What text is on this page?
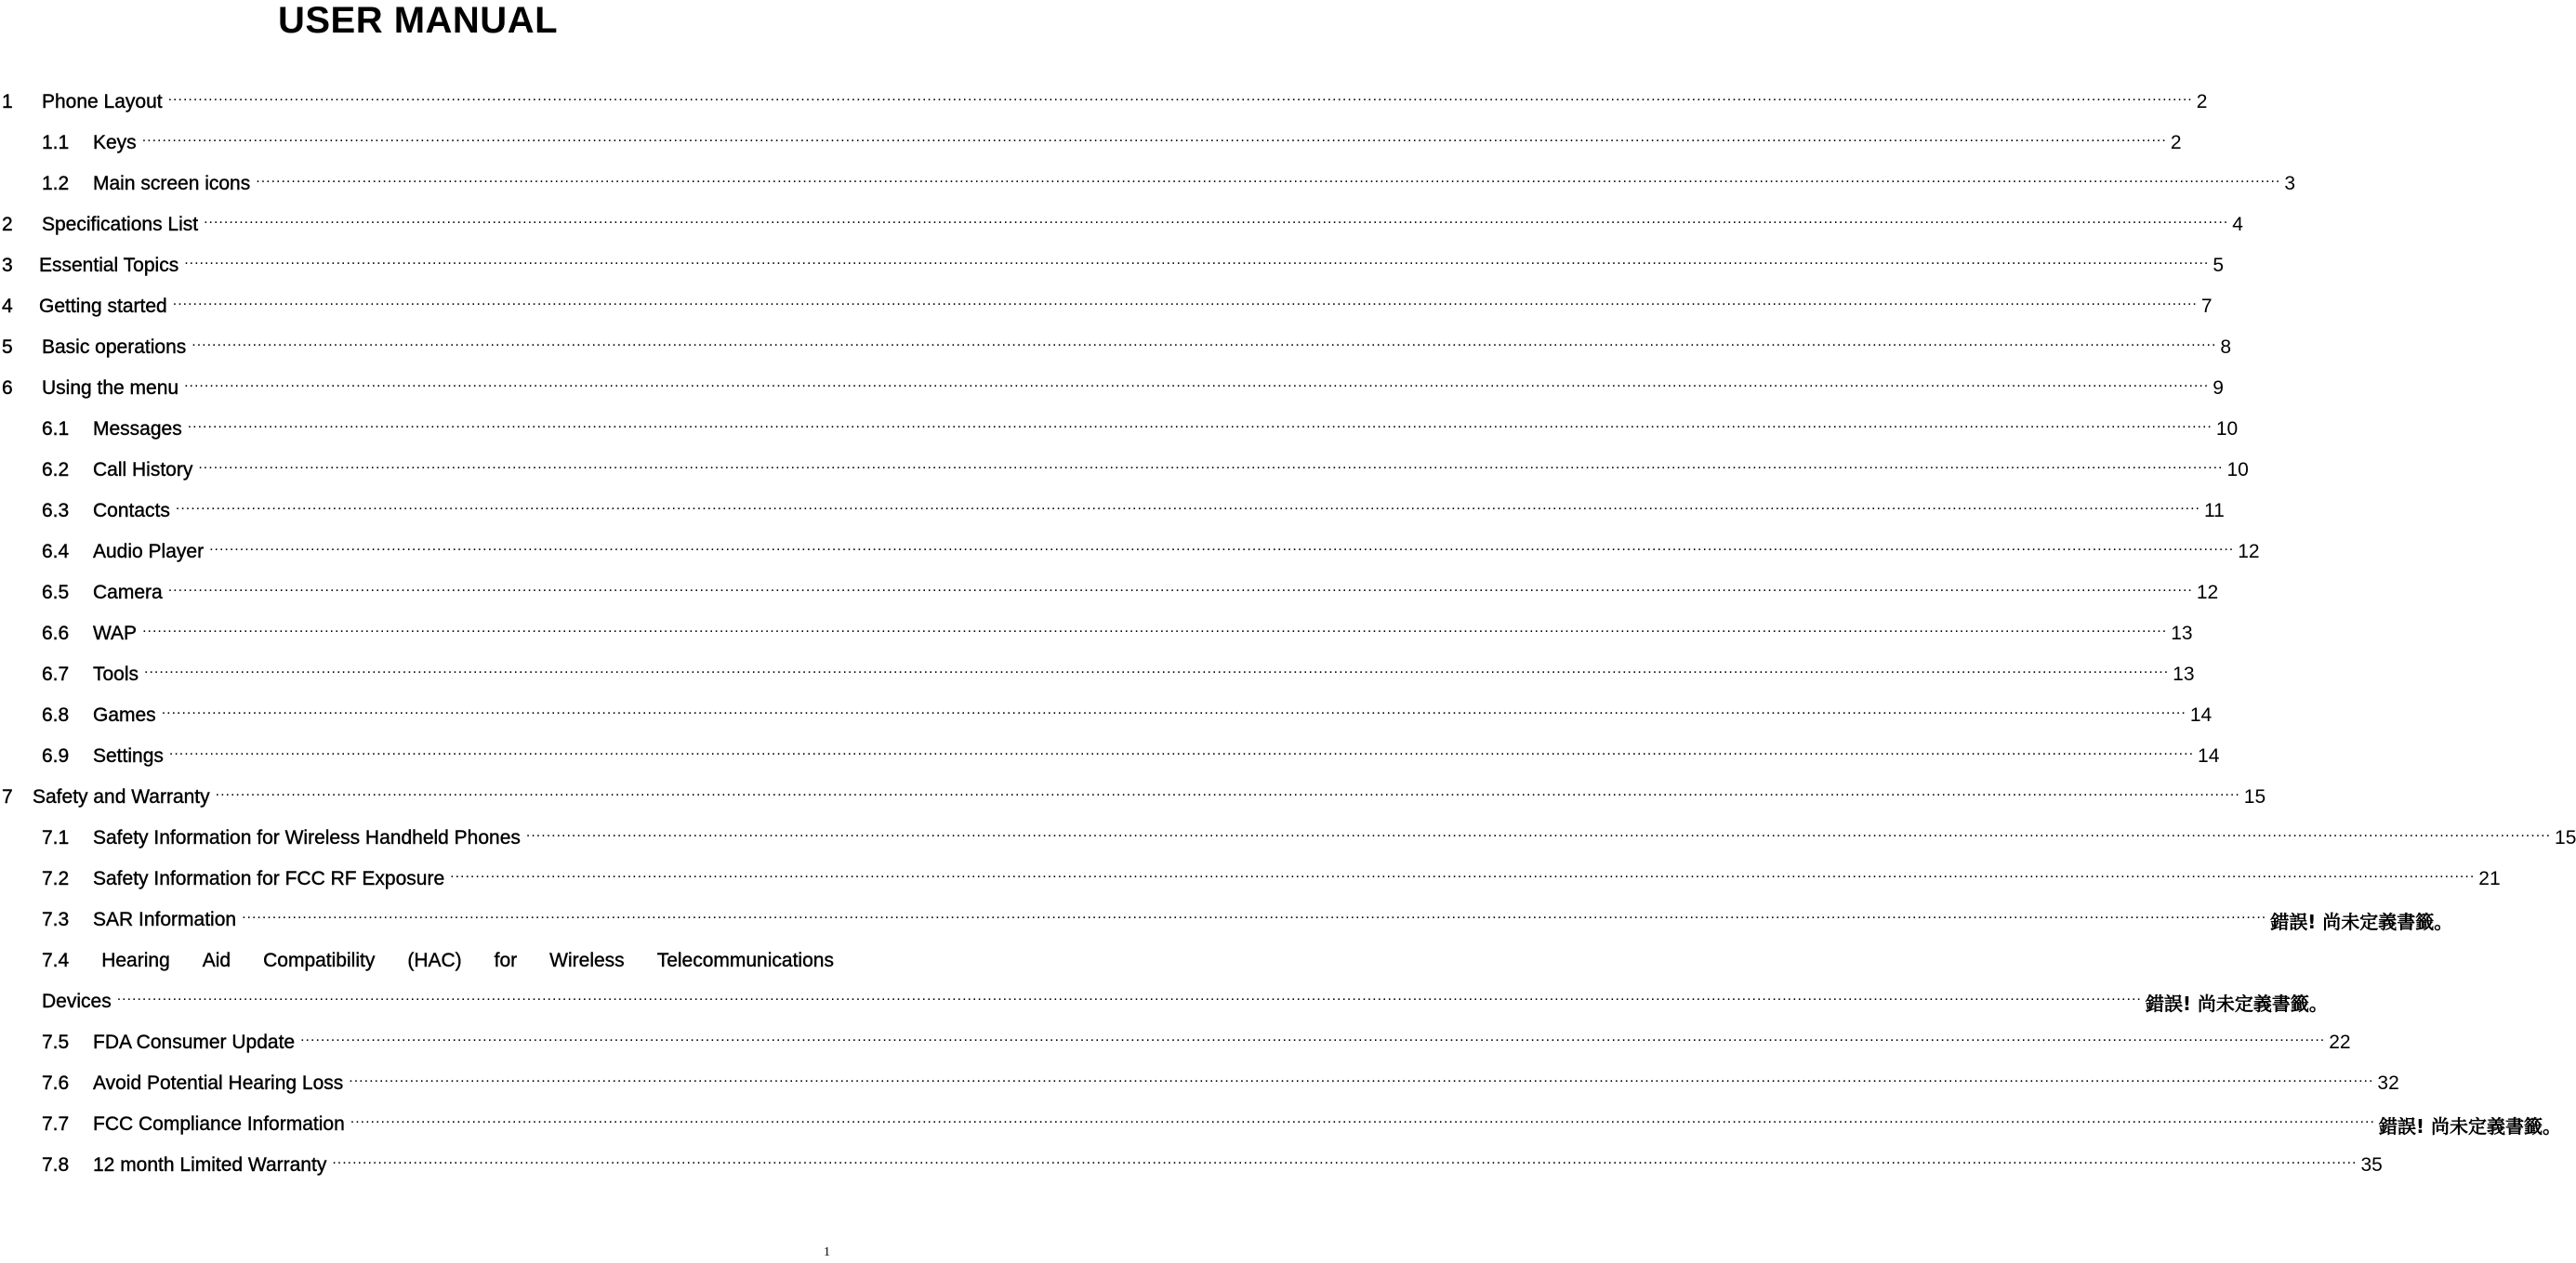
USER MANUAL
1 Phone Layout ................................................................................................................................................................................................................................................................................................................................................................................................................ 2
1.1 Keys ................................................................................................................................................................................................................................................................................................................................................................................................................ 2
1.2 Main screen icons ................................................................................................................................................................................................................................................................................................................................................................................................................ 3
2 Specifications List ................................................................................................................................................................................................................................................................................................................................................................................................................ 4
3 Essential Topics ................................................................................................................................................................................................................................................................................................................................................................................................................ 5
4 Getting started ................................................................................................................................................................................................................................................................................................................................................................................................................ 7
5 Basic operations ................................................................................................................................................................................................................................................................................................................................................................................................................ 8
6 Using the menu ................................................................................................................................................................................................................................................................................................................................................................................................................ 9
6.1 Messages ................................................................................................................................................................................................................................................................................................................................................................................................................ 10
6.2 Call History ................................................................................................................................................................................................................................................................................................................................................................................................................ 10
6.3 Contacts ................................................................................................................................................................................................................................................................................................................................................................................................................ 11
6.4 Audio Player ................................................................................................................................................................................................................................................................................................................................................................................................................ 12
6.5 Camera ................................................................................................................................................................................................................................................................................................................................................................................................................ 12
6.6 WAP ................................................................................................................................................................................................................................................................................................................................................................................................................ 13
6.7 Tools ................................................................................................................................................................................................................................................................................................................................................................................................................ 13
6.8 Games ................................................................................................................................................................................................................................................................................................................................................................................................................ 14
6.9 Settings ................................................................................................................................................................................................................................................................................................................................................................................................................ 14
7 Safety and Warranty ................................................................................................................................................................................................................................................................................................................................................................................................................ 15
7.1 Safety Information for Wireless Handheld Phones ................................................................................................................................................................................................................................................................................................................................................................................................................ 15
7.2 Safety Information for FCC RF Exposure ................................................................................................................................................................................................................................................................................................................................................................................................................ 21
7.3 SAR Information ................................................................................................................................................................................................................................................................................................................................................................................................................ 錯誤! 尚未定義書籤。
7.4 Hearing Aid Compatibility (HAC) for Wireless Telecommunications
Devices ................................................................................................................................................................................................................................................................................................................................................................................................................ 錯誤! 尚未定義書籤。
7.5 FDA Consumer Update ................................................................................................................................................................................................................................................................................................................................................................................................................ 22
7.6 Avoid Potential Hearing Loss ................................................................................................................................................................................................................................................................................................................................................................................................................ 32
7.7 FCC Compliance Information ................................................................................................................................................................................................................................................................................................................................................................................................................ 錯誤! 尚未定義書籤。
7.8 12 month Limited Warranty ................................................................................................................................................................................................................................................................................................................................................................................................................ 35
1
